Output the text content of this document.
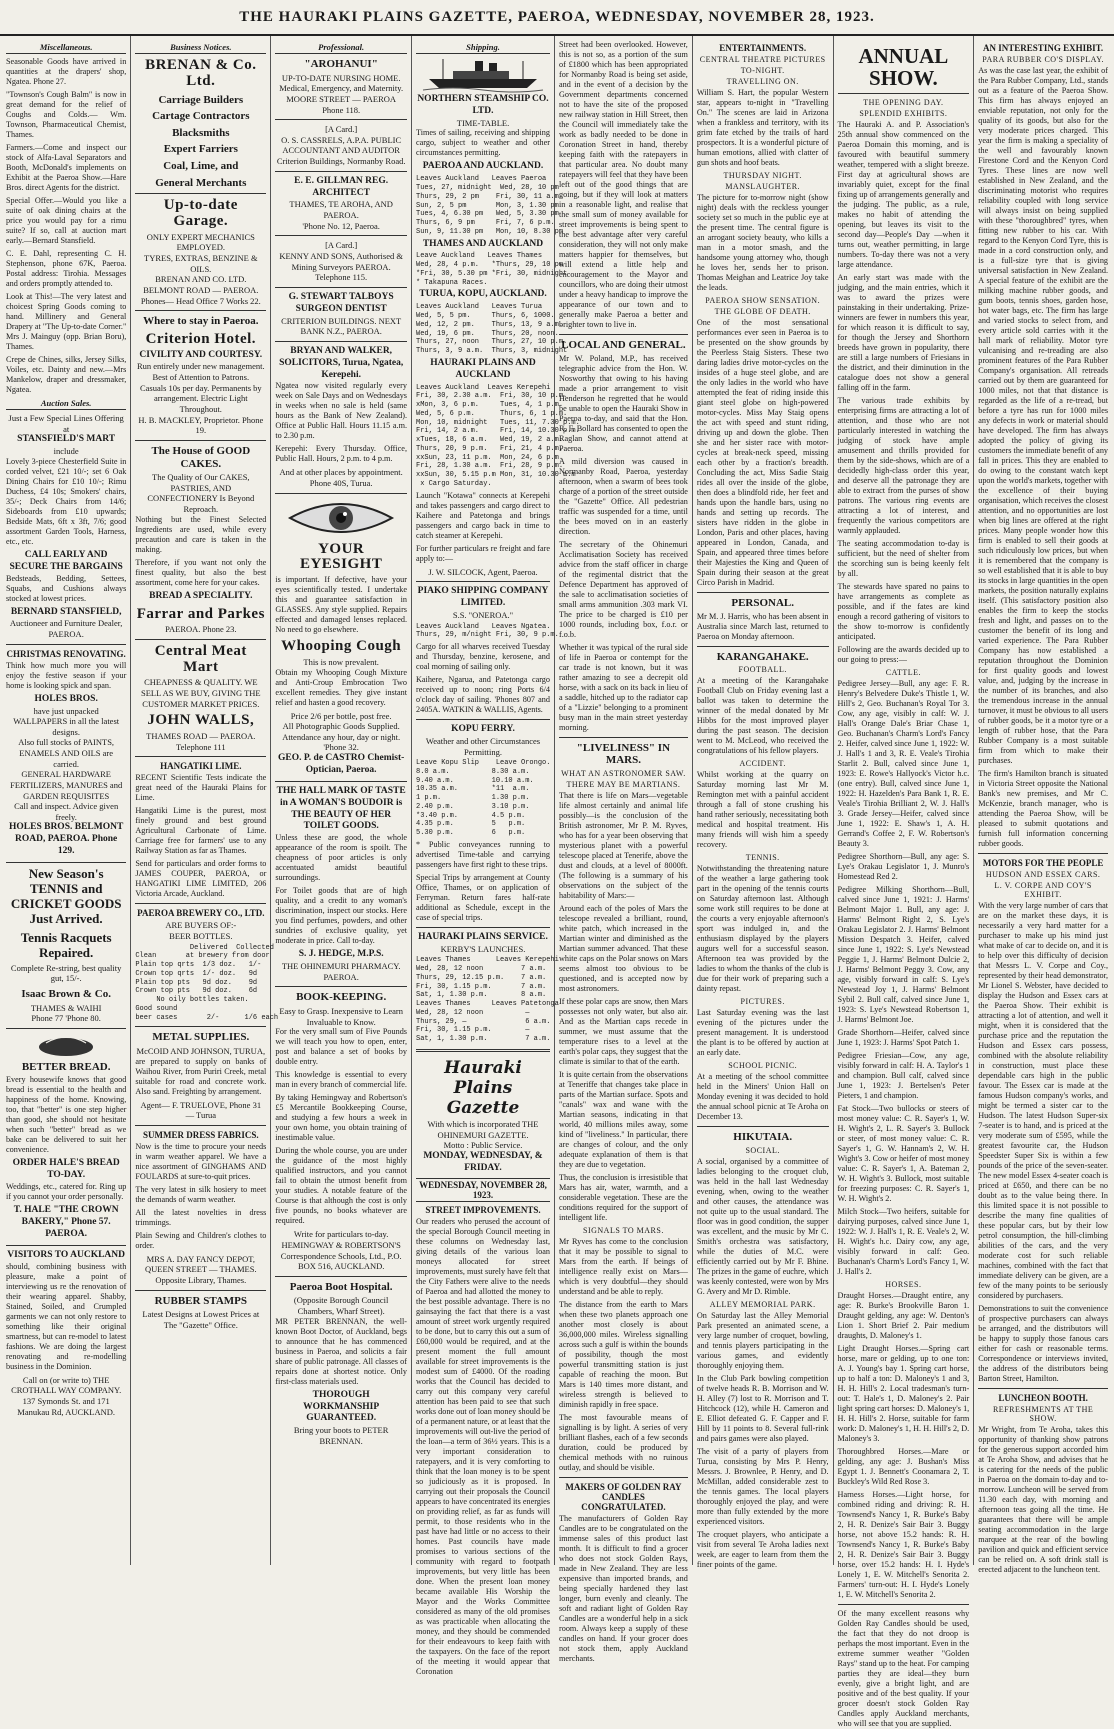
THE HAURAKI PLAINS GAZETTE, PAEROA, WEDNESDAY, NOVEMBER 28, 1923.
Miscellaneous.

Seasonable Goods have arrived in quantities at the drapers' shop, Ngatea. Phone 27.

"Townson's Cough Balm" is now in great demand for the relief of Coughs and Colds.— Wm. Townson, Pharmaceutical Chemist, Thames.

Farmers.—Come and inspect our stock of Alfa-Laval Separators and Booth, McDonald's implements on Exhibit at the Paeroa Show.—Hare Bros. direct Agents for the district.

Special Offer.—Would you like a suite of oak dining chairs at the price you would pay for a rimu suite? If so, call at auction mart early.—Bernard Stansfield.

C. E. Dahl, representing C. H. Stephenson, phone 67K, Paeroa. Postal address: Tirohia. Messages and orders promptly attended to.

Look at This!—The very latest and choicest Spring Goods coming to hand. Millinery and General Drapery at "The Up-to-date Corner." Mrs J. Mainguy (opp. Brian Boru), Thames.

Crepe de Chines, silks, Jersey Silks, Voiles, etc. Dainty and new.—Mrs Mankelow, draper and dressmaker, Ngatea.

Auction Sales.
Just a Few Special Lines Offering at
STANSFIELD'S MART
include

Lovely 3-piece Chesterfield Suite in corded velvet, £21 10/-; set 6 Oak Dining Chairs for £10 10/-; Rimu Duchess, £4 10s; Smokers' chairs, 35/-; Deck Chairs from 14/6; Sideboards from £10 upwards; Bedside Mats, 6ft x 3ft, 7/6; good assortment Garden Tools, Harness, etc., etc.

CALL EARLY AND SECURE THE BARGAINS

Bedsteads, Bedding, Settees, Squabs, and Cushions always stocked at lowest prices.

BERNARD STANSFIELD,
Auctioneer and Furniture Dealer, PAEROA.
CHRISTMAS RENOVATING.

Think how much more you will enjoy the festive season if your home is looking spick and span.

HOLES BROS.
have just unpacked WALLPAPERS in all the latest designs.
Also full stocks of PAINTS, ENAMELS AND OILS are carried.
GENERAL HARDWARE FERTILIZERS, MANURES and GARDEN REQUISITES
Call and inspect. Advice given freely.
HOLES BROS. BELMONT ROAD, PAEROA. Phone 129.
New Season's TENNIS and CRICKET GOODS Just Arrived.
Tennis Racquets Repaired.
Complete Re-string, best quality gut, 15/-.
Isaac Brown & Co.
THAMES & WAIHI
Phone 77 'Phone 80.
BETTER BREAD.

Every housewife knows that good bread is essential to the health and happiness of the home. Knowing, too, that "better" is one step higher than good, she should not hesitate when such "better" bread as we bake can be delivered to suit her convenience.

ORDER HALE'S BREAD TO-DAY.

Weddings, etc., catered for. Ring up if you cannot your order personally.

T. HALE "THE CROWN BAKERY," Phone 57. PAEROA.
VISITORS TO AUCKLAND

should, combining business with pleasure, make a point of interviewing us re the renovation of their wearing apparel. Shabby, Stained, Soiled, and Crumpled garments we can not only restore to something like their original smartness, but can re-model to latest fashions. We are doing the largest renovating and re-modelling business in the Dominion.

Call on (or write to) THE CROTHALL WAY COMPANY. 137 Symonds St. and 171 Manukau Rd, AUCKLAND.
Business Notices.
BRENAN & Co. Ltd.
Carriage Builders
Cartage Contractors
Blacksmiths
Expert Farriers
Coal, Lime, and
General Merchants
Up-to-date Garage.
ONLY EXPERT MECHANICS EMPLOYED.
TYRES, EXTRAS, BENZINE & OILS.
BRENAN AND CO. LTD. BELMONT ROAD — PAEROA.
Phones— Head Office 7 Works 22.
Where to stay in Paeroa.
Criterion Hotel.
CIVILITY AND COURTESY.
Run entirely under new management.
Best of Attention to Patrons.
Casuals 10s per day. Permanents by arrangement. Electric Light Throughout.
H. B. MACKLEY, Proprietor. Phone 19.
The House of GOOD CAKES.
The Quality of Our CAKES, PASTRIES, AND CONFECTIONERY Is Beyond Reproach.

Nothing but the Finest Selected Ingredients are used, while every precaution and care is taken in the making.

Therefore, if you want not only the finest quality, but also the best assortment, come here for your cakes.

BREAD A SPECIALITY.
Farrar and Parkes
PAEROA. Phone 23.
Central Meat Mart
CHEAPNESS & QUALITY. WE SELL AS WE BUY, GIVING THE CUSTOMER MARKET PRICES.
JOHN WALLS,
THAMES ROAD — PAEROA. Telephone 111
HANGATIKI LIME.

RECENT Scientific Tests indicate the great need of the Hauraki Plains for Lime.

Hangatiki Lime is the purest, most finely ground and best ground Agricultural Carbonate of Lime. Carriage free for farmers' use to any Railway Station as far as Thames.

Send for particulars and order forms to JAMES COUPER, PAEROA, or HANGATIKI LIME LIMITED, 206 Victoria Arcade, Auckland.

PAEROA BREWERY CO., LTD.
ARE BUYERS OF:-
BEER BOTTLES.
Delivered  Collected
Clean       at brewery from door
Plain top qrts  1/3 doz.   1/-
Crown top qrts  1/- doz.   9d
Plain top pts   9d doz.    9d
Crown top pts   9d doz.    6d
No oily bottles taken.
Good sound
beer cases       2/-      1/6 each
METAL SUPPLIES.
McCOID AND JOHNSON, TURUA,

are prepared to supply on banks of Waihou River, from Puriri Creek, metal suitable for road and concrete work. Also sand. Freighting by arrangement.

Agent— F. TRUELOVE, Phone 31 — Turua
SUMMER DRESS FABRICS.

Now is the time to procure your needs in warm weather apparel. We have a nice assortment of GINGHAMS AND FOULARDS at sure-to-quit prices.

The very latest in silk hosiery to meet the demands of warm weather.

All the latest novelties in dress trimmings.

Plain Sewing and Children's clothes to order.

MRS A. DAY FANCY DEPOT, QUEEN STREET — THAMES. Opposite Library, Thames.
RUBBER STAMPS
Latest Designs at Lowest Prices at The "Gazette" Office.
Professional.
"AROHANUI"
UP-TO-DATE NURSING HOME.
Medical, Emergency, and Maternity.
MOORE STREET — PAEROA Phone 118.
[A Card.]
O. S. CASSRELS, A.P.A. PUBLIC ACCOUNTANT AND AUDITOR
Criterion Buildings, Normanby Road.
E. E. GILLMAN REG. ARCHITECT
THAMES, TE AROHA, AND PAEROA.
'Phone No. 12, Paeroa.
[A Card.]
KENNY AND SONS, Authorised & Mining Surveyors PAEROA. Telephone 115.
G. STEWART TALBOYS SURGEON DENTIST
CRITERION BUILDINGS. NEXT BANK N.Z., PAEROA.
BRYAN AND WALKER, SOLICITORS, Turua, Ngatea, Kerepehi.

Ngatea now visited regularly every week on Sale Days and on Wednesdays in weeks when no sale is held (same hours as the Bank of New Zealand). Office at Public Hall. Hours 11.15 a.m. to 2.30 p.m.

Kerepehi: Every Thursday. Office, Public Hall. Hours, 2 p.m. to 4 p.m.

And at other places by appointment. Phone 40S, Turua.
YOUR EYESIGHT

is important. If defective, have your eyes scientifically tested. I undertake this and guarantee satisfaction in GLASSES. Any style supplied. Repairs effected and damaged lenses replaced. No need to go elsewhere.

Whooping Cough
This is now prevalent.

Obtain my Whooping Cough Mixture and Anti-Croup Embrocation Two excellent remedies. They give instant relief and hasten a good recovery.

Price 2/6 per bottle, post free.
All Photographic Goods Supplied. Attendance any hour, day or night. 'Phone 32.
GEO. P. de CASTRO Chemist-Optician, Paeroa.
THE HALL MARK OF TASTE in A WOMAN'S BOUDOIR is THE BEAUTY OF HER TOILET GOODS.

Unless these are good, the whole appearance of the room is spoilt. The cheapness of poor articles is only accentuated amidst beautiful surroundings.

For Toilet goods that are of high quality, and a credit to any woman's discrimination, inspect our stocks. Here you find perfumes, powders, and other sundries of exclusive quality, yet moderate in price. Call to-day.

S. J. HEDGE, M.P.S.
THE OHINEMURI PHARMACY. PAEROA.
BOOK-KEEPING.
Easy to Grasp. Inexpensive to Learn Invaluable to Know.

For the very small sum of Five Pounds we will teach you how to open, enter, post and balance a set of books by double entry.

This knowledge is essential to every man in every branch of commercial life.

By taking Hemingway and Robertson's £5 Mercantile Bookkeeping Course, and studying a few hours a week in your own home, you obtain training of inestimable value.

During the whole course, you are under the guidance of the most highly qualified instructors, and you cannot fail to obtain the utmost benefit from your studies. A notable feature of the Course is that although the cost is only five pounds, no books whatever are required.

Write for particulars to-day.
HEMINGWAY & ROBERTSON'S Correspondence Schools, Ltd., P.O. BOX 516, AUCKLAND.
Paeroa Boot Hospital.
(Opposite Borough Council Chambers, Wharf Street).

MR PETER BRENNAN, the well-known Boot Doctor, of Auckland, begs to announce that he has commenced business in Paeroa, and solicits a fair share of public patronage. All classes of repairs done at shortest notice. Only first-class materials used.

THOROUGH WORKMANSHIP GUARANTEED.
Bring your boots to PETER BRENNAN.
Shipping.
NORTHERN STEAMSHIP CO. LTD.
TIME-TABLE.

Times of sailing, receiving and shipping cargo, subject to weather and other circumstances permitting.

PAEROA AND AUCKLAND.
Leaves Auckland   Leaves Paeroa
Tues, 27, midnight  Wed, 28, 10 pm
Thurs, 29, 2 pm    Fri, 30, 11 a.m.
Sun, 2, 5 pm       Mon, 3, 1.30 pm
Tues, 4, 6.30 pm   Wed, 5, 3.30 pm
Thurs, 6, 9 pm     Fri, 7, 6 p.m.
Sun, 9, 11.30 pm   Mon, 10, 8.30 pm
THAMES AND AUCKLAND
Leave Auckland   Leaves Thames
Wed, 28, 4 p.m.   *Thurs, 29, 10 pm
*Fri, 30, 5.30 pm *Fri, 30, midnight
* Takapuna Races.
TURUA, KOPU, AUCKLAND.
Leaves Auckland   Leaves Turua
Wed, 5, 5 pm.     Thurs, 6, 1000.
Wed, 12, 2 pm.    Thurs, 13, 9 a.m.
Wed, 19, 6 pm.    Thurs, 20, noon.
Thurs, 27, noon   Thurs, 27, 10 p.m.
Thurs, 3, 9 a.m.  Thurs, 3, midnight
HAURAKI PLAINS AND AUCKLAND
Leaves Auckland  Leaves Kerepehi
Fri, 30, 2.30 a.m.  Fri, 30, 10 p.m.
xMon, 3, 6 p.m.     Tues, 4, 1 p.m.
Wed, 5, 6 p.m.      Thurs, 6, 1 p.m.
Mon, 10, midnight   Tues, 11, 7.30 p.m.
Fri, 14, 2 a.m.     Fri, 14, 10.30 p.m.
xTues, 18, 6 a.m.   Wed, 19, 2 a.m.
Thurs, 20, 9 p.m.   Fri, 21, 4 p.m.
xxSun, 23, 11 p.m.  Mon, 24, 6 p.m.
Fri, 28, 1.30 a.m.  Fri, 28, 9 p.m.
xxSun, 30, 5.15 p.m Mon, 31, 10.30 a.m
x Cargo Saturday.

Launch "Kotawa" connects at Kerepehi and takes passengers and cargo direct to Kaihere and Patetonga and brings passengers and cargo back in time to catch steamer at Kerepehi.

For further particulars re freight and fare apply to:—

J. W. SILCOCK, Agent, Paeroa.
PIAKO SHIPPING COMPANY LIMITED.
S.S. "ONEROA."
Leaves Auckland   Leaves Ngatea.
Thurs, 29, m/night Fri, 30, 9 p.m.

Cargo for all wharves received Tuesday and Thursday, benzine, kerosene, and coal morning of sailing only.

Kaihere, Ngarua, and Patetonga cargo received up to noon; ring Ports 6/4 o'clock day of sailing. 'Phones 807 and 2405A. WATKIN & WALLIS, Agents.

KOPU FERRY.
Weather and other Circumstances Permitting.
Leave Kopu Slip    Leave Orongo.
8.0 a.m.          8.30 a.m.
9.40 a.m.         10.10 a.m.
10.35 a.m.        *11  a.m.
1 p.m.            1.30 p.m.
2.40 p.m.         3.10 p.m.
*3.40 p.m.        4.5 p.m.
4.35 p.m.         5   p.m.
5.30 p.m.         6   p.m.

* Public conveyances running to advertised Time-table and carrying passengers have first right to these trips.

Special Trips by arrangement at County Office, Thames, or on application of Ferryman. Return fares half-rate additional as Schedule, except in the case of special trips.

HAURAKI PLAINS SERVICE.
KERBY'S LAUNCHES.
Leaves Thames      Leaves Kerepehi
Wed, 28, 12 noon         7 a.m.
Thurs, 29, 12.15 p.m.    7 a.m.
Fri, 30, 1.15 p.m.       7 a.m.
Sat, 1, 1.30 p.m.        8 a.m.
Leaves Thames     Leaves Patetonga
Wed, 28, 12 noon          —
Thurs, 29, —              6 a.m.
Fri, 30, 1.15 p.m.        —
Sat, 1, 1.30 p.m.         7 a.m.
Hauraki Plains Gazette
With which is incorporated THE OHINEMURI GAZETTE.
Motto : Public Service.
MONDAY, WEDNESDAY, & FRIDAY.
WEDNESDAY, NOVEMBER 28, 1923.
STREET IMPROVEMENTS.

Our readers who perused the account of the special Borough Council meeting in these columns on Wednesday last, giving details of the various loan moneys allocated for street improvements, must surely have felt that the City Fathers were alive to the needs of Paeroa and had allotted the money to the best possible advantage. There is no gainsaying the fact that there is a vast amount of street work urgently required to be done, but to carry this out a sum of £60,000 would be required, and at the present moment the full amount available for street improvements is the modest sum of £4000. Of the roading works that the Council has decided to carry out this company very careful attention has been paid to see that such works done out of loan money should be of a permanent nature, or at least that the improvements will out-live the period of the loan—a term of 36½ years. This is a very important consideration to ratepayers, and it is very comforting to think that the loan money is to be spent so judiciously as it is proposed. In carrying out their proposals the Council appears to have concentrated its energies on providing relief, as far as funds will permit, to those residents who in the past have had little or no access to their homes. Past councils have made promises to various sections of the community with regard to footpath improvements, but very little has been done. When the present loan money became available His Worship the Mayor and the Works Committee considered as many of the old promises as was practicable when allocating the money, and they should be commended for their endeavours to keep faith with the taxpayers. On the face of the report of the meeting it would appear that Coronation

Street had been overlooked. However, this is not so, as a portion of the sum of £1800 which has been appropriated for Normanby Road is being set aside, and in the event of a decision by the Government departments concerned not to have the site of the proposed new railway station in Hill Street, then the Council will immediately take the work as badly needed to be done in Coronation Street in hand, thereby keeping faith with the ratepayers in that particular area. No doubt many ratepayers will feel that they have been left out of the good things that are going, but if they will look at matters in a reasonable light, and realise that the small sum of money available for street improvements is being spent to the best advantage after very careful consideration, they will not only make matters happier for themselves, but will extend a little help and encouragement to the Mayor and councillors, who are doing their utmost under a heavy handicap to improve the appearance of our town and to generally make Paeroa a better and brighter town to live in.

LOCAL AND GENERAL.

Mr W. Poland, M.P., has received telegraphic advice from the Hon. W. Nosworthy that owing to his having made a prior arrangement to visit Henderson he regretted that he would be unable to open the Hauraki Show in Paeroa to-day, and said that the Hon. R. F. Bollard has consented to open the Raglan Show, and cannot attend at Paeroa.

A mild diversion was caused in Normanby Road, Paeroa, yesterday afternoon, when a swarm of bees took charge of a portion of the street outside the "Gazette" Office. All pedestrian traffic was suspended for a time, until the bees moved on in an easterly direction.

The secretary of the Ohinemuri Acclimatisation Society has received advice from the staff officer in charge of the regimental district that the Defence Department has approved of the sale to acclimatisation societies of small arms ammunition .303 mark VI. The price to be charged is £10 per 1000 rounds, including box, f.o.r. or f.o.b.

Whether it was typical of the rural side of life in Paeroa or contempt for the car trade is not known, but it was rather amazing to see a decrepit old horse, with a sack on its back in lieu of a saddle, hitched up to the radiator cap of a "Lizzie" belonging to a prominent busy man in the main street yesterday morning.

"LIVELINESS" IN MARS.
WHAT AN ASTRONOMER SAW.
THERE MAY BE MARTIANS.

That there is life on Mars—vegetable life almost certainly and animal life possibly—is the conclusion of the British astronomer, Mr P. M. Ryves, who has for a year been observing that mysterious planet with a powerful telescope placed at Tenerife, above the dust and clouds, at a level of 8000ft. (The following is a summary of his observations on the subject of the habitability of Mars:—

Around each of the poles of Mars the telescope revealed a brilliant, round, white patch, which increased in the Martian winter and diminished as the Martian summer advanced. That these white caps on the Polar snows on Mars seems almost too obvious to be questioned, and is accepted now by most astronomers.

If these polar caps are snow, then Mars possesses not only water, but also air. And as the Martian caps recede in summer, we must assume that the temperature rises to a level at the earth's polar caps, they suggest that the climate is similar to that of the earth.

It is quite certain from the observations at Teneriffe that changes take place in parts of the Martian surface. Spots and "canals" wax and wane with the Martian seasons, indicating in that world, 40 millions miles away, some kind of "liveliness." In particular, there are changes of colour, and the only adequate explanation of them is that they are due to vegetation.

Thus, the conclusion is irresistible that Mars has air, water, warmth, and a considerable vegetation. These are the conditions required for the support of intelligent life.

SIGNALS TO MARS.

Mr Ryves has come to the conclusion that it may be possible to signal to Mars from the earth. If beings of intelligence really exist on Mars—which is very doubtful—they should understand and be able to reply.

The distance from the earth to Mars when these two planets approach one another most closely is about 36,000,000 miles. Wireless signalling across such a gulf is within the bounds of possibility, though the most powerful transmitting station is just capable of reaching the moon. But Mars is 140 times more distant, and wireless strength is believed to diminish rapidly in free space.

The most favourable means of signalling is by light. A series of very brilliant flashes, each of a few seconds duration, could be produced by chemical methods with no ruinous outlay, and should be visible.

MAKERS OF GOLDEN RAY CANDLES CONGRATULATED.

The manufacturers of Golden Ray Candles are to be congratulated on the immense sales of this product last month. It is difficult to find a grocer who does not stock Golden Rays, made in New Zealand. They are less expensive than imported brands, and being specially hardened they last longer, burn evenly and cleanly. The soft and radiant light of Golden Ray Candles are a wonderful help in a sick room. Always keep a supply of these candles on hand. If your grocer does not stock them, apply Auckland merchants.

ENTERTAINMENTS.
CENTRAL THEATRE PICTURES
TO-NIGHT.
TRAVELLING ON.

William S. Hart, the popular Western star, appears to-night in "Travelling On." The scenes are laid in Arizona when a frankless and territory, with its grim fate etched by the trails of hard prospectors. It is a wonderful picture of human emotions, allied with clatter of gun shots and hoof beats.

THURSDAY NIGHT.
MANSLAUGHTER.

The picture for to-morrow night (show night) deals with the reckless younger society set so much in the public eye at the present time. The central figure is an arrogant society beauty, who kills a man in a motor smash, and the handsome young attorney who, though he loves her, sends her to prison. Thomas Meighan and Leatrice Joy take the leads.

PAEROA SHOW SENSATION.
THE GLOBE OF DEATH.

One of the most sensational performances ever seen in Paeroa is to be presented on the show grounds by the Peerless Staig Sisters. These two daring ladies drive motor-cycles on the insides of a huge steel globe, and are the only ladies in the world who have attempted the feat of riding inside this giant steel globe on high-powered motor-cycles. Miss May Staig opens the act with speed and stunt riding, driving up and down the globe. Then she and her sister race with motor-cycles at break-neck speed, missing each other by a fraction's breadth. Concluding the act, Miss Sadie Staig rides all over the inside of the globe, then does a blindfold ride, her feet and hands upon the handle bars, using no hands and setting up records. The sisters have ridden in the globe in London, Paris and other places, having appeared in London, Canada, and Spain, and appeared three times before their Majesties the King and Queen of Spain during their season at the great Circo Parish in Madrid.

PERSONAL.

Mr M. J. Harris, who has been absent in Australia since March last, returned to Paeroa on Monday afternoon.

KARANGAHAKE.
FOOTBALL.

At a meeting of the Karangahake Football Club on Friday evening last a ballot was taken to determine the winner of the medal donated by Mr Hibbs for the most improved player during the past season. The decision went to M. McLeod, who received the congratulations of his fellow players.

ACCIDENT.

Whilst working at the quarry on Saturday morning last Mr M. Remington met with a painful accident through a fall of stone crushing his hand rather seriously, necessitating both medical and hospital treatment. His many friends will wish him a speedy recovery.

TENNIS.

Notwithstanding the threatening nature of the weather a large gathering took part in the opening of the tennis courts on Saturday afternoon last. Although some work still requires to be done at the courts a very enjoyable afternoon's sport was indulged in, and the enthusiasm displayed by the players augurs well for a successful season. Afternoon tea was provided by the ladies to whom the thanks of the club is due for their work of preparing such a dainty repast.

PICTURES.

Last Saturday evening was the last evening of the pictures under the present management. It is understood the plant is to be offered by auction at an early date.

SCHOOL PICNIC.

At a meeting of the school committee held in the Miners' Union Hall on Monday evening it was decided to hold the annual school picnic at Te Aroha on December 13.

HIKUTAIA.
SOCIAL.

A social, organised by a committee of ladies belonging to the croquet club, was held in the hall last Wednesday evening, when, owing to the weather and other causes, the attendance was not quite up to the usual standard. The floor was in good condition, the supper was excellent, and the music by Mr C. Smith's orchestra was satisfactory, while the duties of M.C. were efficiently carried out by Mr F. Bhine. The prizes in the game of euchre, which was keenly contested, were won by Mrs G. Avery and Mr D. Rimble.

ALLEY MEMORIAL PARK.

On Saturday last the Alley Memorial Park presented an animated scene, a very large number of croquet, bowling, and tennis players participating in the various games, and evidently thoroughly enjoying them.

In the Club Park bowling competition of twelve heads R. B. Morrison and W. H. Alley (7) lost to R. Morrison and T. Hitchcock (12), while H. Cameron and E. Elliot defeated G. F. Capper and F. Hill by 11 points to 8. Several full-rink and pairs games were also played.

The visit of a party of players from Turua, consisting by Mrs P. Henry, Messrs. J. Brownlee, P. Henry, and D. McMillan, added considerable zest to the tennis games. The local players thoroughly enjoyed the play, and were more than fully extended by the more experienced visitors.

The croquet players, who anticipate a visit from several Te Aroha ladies next week, are eager to learn from them the finer points of the game.

ANNUAL SHOW.
THE OPENING DAY.
SPLENDID EXHIBITS.

The Hauraki A. and P. Association's 25th annual show commenced on the Paeroa Domain this morning, and is favoured with beautiful summery weather, tempered with a slight breeze. First day at agricultural shows are invariably quiet, except for the final fixing up of arrangements generally and the judging. The public, as a rule, makes no habit of attending the opening, but leaves its visit to the second day—People's Day —when it turns out, weather permitting, in large numbers. To-day there was not a very large attendance.

An early start was made with the judging, and the main entries, which it was to award the prizes were painstaking in their undertaking. Prize-winners are fewer in numbers this year, for which reason it is difficult to say, for though the Jersey and Shorthorn breeds have grown in popularity, there are still a large numbers of Friesians in the district, and their diminution in the catalogue does not show a general falling off in the farm.

The various trade exhibits by enterprising firms are attracting a lot of attention, and those who are not particularly interested in watching the judging of stock have ample amusement and thrills provided for them by the side-shows, which are of a decidedly high-class order this year, and deserve all the patronage they are able to extract from the purses of show patrons. The various ring events are attracting a lot of interest, and frequently the various competitors are warmly applauded.

The seating accommodation to-day is sufficient, but the need of shelter from the scorching sun is being keenly felt by all.

The stewards have spared no pains to have arrangements as complete as possible, and if the fates are kind enough a record gathering of visitors to the show to-morrow is confidently anticipated.

Following are the awards decided up to our going to press:—

CATTLE.

Pedigree Jersey—Bull, any age: F. R. Henry's Belvedere Duke's Thistle 1, W. Hill's 2, Geo. Buchanan's Royal Tor 3. Cow, any age, visibly in calf: W. J. Hall's Orange Dale's Briar Chase 1, Geo. Buchanan's Charm's Lord's Fancy 2. Heifer, calved since June 1, 1922: W. J. Hall's 1 and 3, R. E. Veale's Tirohia Starlit 2. Bull, calved since June 1, 1923: E. Rowe's Hallyock's Victor h.c. (one entry). Bull, calved since June 1, 1922: H. Hazelden's Para Bank 1, R. E. Veale's Tirohia Brilliant 2, W. J. Hall's 3. Grade Jersey—Heifer, calved since June 1, 1922: E. Shaw's 1, A. H. Gerrand's Coffee 2, F. W. Robertson's Beauty 3.

Pedigree Shorthorn—Bull, any age: S. Lye's Orakau Legislator 1, J. Munro's Homestead Red 2.

Pedigree Milking Shorthorn—Bull, calved since June 1, 1921: J. Harms' Belmont Major 1. Bull, any age: J. Harms' Belmont Right 2, S. Lye's Orakau Legislator 2. J. Harms' Belmont Mission Despatch 3. Heifer, calved since June 1, 1922: S. Lye's Newstead Peggie 1, J. Harms' Belmont Dulcie 2, J. Harms' Belmont Peggy 3. Cow, any age, visibly forward in calf: S. Lye's Newstead Joy 1, J. Harms' Belmont Sybil 2. Bull calf, calved since June 1, 1923: S. Lye's Newstead Robertson 1, J. Harms' Belmont Joe.

Grade Shorthorn—Heifer, calved since June 1, 1923: J. Harms' Spot Patch 1.

Pedigree Friesian—Cow, any age, visibly forward in calf: H. A. Taylor's 1 and champion. Bull calf, calved since June 1, 1923: J. Bertelsen's Peter Pieters, 1 and champion.

Fat Stock—Two bullocks or steers of most money value: C. R. Sayer's 1, W. H. Wight's 2, L. R. Sayer's 3. Bullock or steer, of most money value: C. R. Sayer's 1, G. W. Hannam's 2, W. H. Wight's 3. Cow or heifer of most money value: C. R. Sayer's 1, A. Bateman 2, W. H. Wight's 3. Bullock, most suitable for freezing purposes: C. R. Sayer's 1, W. H. Wight's 2.

Milch Stock—Two heifers, suitable for dairying purposes, calved since June 1, 1922: W. J. Hall's 1, R. E. Veale's 2, W. H. Wight's h.c. Dairy cow, any age, visibly forward in calf: Geo. Buchanan's Charm's Lord's Fancy 1, W. J. Hall's 2.

HORSES.

Draught Horses.—Draught entire, any age: R. Burke's Brookville Baron 1. Draught gelding, any age: W. Denton's Lion 1. Short Brief 2. Pair medium draughts, D. Maloney's 1.

Light Draught Horses.—Spring cart horse, mare or gelding, up to one ton: A. J. Young's bay 1. Spring cart horse, up to half a ton: D. Maloney's 1 and 3, H. H. Hill's 2. Local tradesman's turn-out: T. Hale's 1, D. Maloney's 2. Pair light spring cart horses: D. Maloney's 1, H. H. Hill's 2. Horse, suitable for farm work: D. Maloney's 1, H. H. Hill's 2, D. Maloney's 3.

Thoroughbred Horses.—Mare or gelding, any age: J. Bushan's Miss Egypt 1. J. Bennett's Coonamara 2, T. Buckley's Wild Red Rose 3.

Harness Horses.—Light horse, for combined riding and driving: R. H. Townsend's Nancy 1, R. Burke's Baby 2, H. R. Denize's Sair Bair 3. Buggy horse, not above 15.2 hands: R. H. Townsend's Nancy 1, R. Burke's Baby 2, H. R. Denize's Sair Bair 3. Buggy horse, over 15.2 hands: H. I. Hyde's Lonely 1, E. W. Mitchell's Senorita 2. Farmers' turn-out: H. I. Hyde's Lonely 1, E. W. Mitchell's Senorita 2.

Of the many excellent reasons why Golden Ray Candles should be used, the fact that they do not droop is perhaps the most important. Even in the extreme summer weather "Golden Rays" stand up to the heat. For camping parties they are ideal—they burn evenly, give a bright light, and are positive and of the best quality. If your grocer doesn't stock Golden Ray Candles apply Auckland merchants, who will see that you are supplied.

AN INTERESTING EXHIBIT.
PARA RUBBER CO'S DISPLAY.

As was the case last year, the exhibit of the Para Rubber Company, Ltd., stands out as a feature of the Paeroa Show. This firm has always enjoyed an enviable reputation, not only for the quality of its goods, but also for the very moderate prices charged. This year the firm is making a speciality of the well and favourably known Firestone Cord and the Kenyon Cord Tyres. These lines are now well established in New Zealand, and the discriminating motorist who requires reliability coupled with long service will always insist on being supplied with these "thoroughbred" tyres, when fitting new rubber to his car. With regard to the Kenyon Cord Tyre, this is made in a cord construction only, and is a full-size tyre that is giving universal satisfaction in New Zealand. A special feature of the exhibit are the milking machine rubber goods, and gum boots, tennis shoes, garden hose, hot water bags, etc. The firm has large and varied stocks to select from, and every article sold carries with it the hall mark of reliability. Motor tyre vulcanising and re-treading are also prominent features of the Para Rubber Company's organisation. All retreads carried out by them are guaranteed for 1000 miles, not that that distance is regarded as the life of a re-tread, but before a tyre has run for 1000 miles any defects in work or material should have developed. The firm has always adopted the policy of giving its customers the immediate benefit of any fall in prices. This they are enabled to do owing to the constant watch kept upon the world's markets, together with the excellence of their buying organisation, which receives the closest attention, and no opportunities are lost when big lines are offered at the right prices. Many people wonder how this firm is enabled to sell their goods at such ridiculously low prices, but when it is remembered that the company is so well established that it is able to buy its stocks in large quantities in the open markets, the position naturally explains itself. (This satisfactory position also enables the firm to keep the stocks fresh and light, and passes on to the customer the benefit of its long and varied experience. The Para Rubber Company has now established a reputation throughout the Dominion for first quality goods and lowest value, and, judging by the increase in the number of its branches, and also the tremendous increase in the annual turnover, it must be obvious to all users of rubber goods, be it a motor tyre or a length of rubber hose, that the Para Rubber Company is a most suitable firm from which to make their purchases.

The firm's Hamilton branch is situated in Victoria Street opposite the National Bank's new premises, and Mr C. McKenzie, branch manager, who is attending the Paeroa Show, will be pleased to submit quotations and furnish full information concerning rubber goods.

MOTORS FOR THE PEOPLE
HUDSON AND ESSEX CARS.
L. V. CORPE AND COY'S EXHIBIT.

With the very large number of cars that are on the market these days, it is necessarily a very hard matter for a purchaser to make up his mind just what make of car to decide on, and it is to help over this difficulty of decision that Messrs L. V. Corpe and Coy., represented by their head demonstrator, Mr Lionel S. Webster, have decided to display the Hudson and Essex cars at the Paeroa Show. Their exhibit is attracting a lot of attention, and well it might, when it is considered that the purchase price and the reputation the Hudson and Essex cars possess, combined with the absolute reliability in construction, must place these dependable cars high in the public favour. The Essex car is made at the famous Hudson company's works, and might be termed a sister car to the Hudson. The latest Hudson Super-six 7-seater is to hand, and is priced at the very moderate sum of £595, while the greatest favourite car, the Hudson Speedster Super Six is within a few pounds of the price of the seven-seater. The new model Essex 4-seater coach is priced at £650, and there can be no doubt as to the value being there. In this limited space it is not possible to describe the many fine qualities of these popular cars, but by their low petrol consumption, the hill-climbing abilities of the cars, and the very moderate cost for such reliable machines, combined with the fact that immediate delivery can be given, are a few of the many points to be seriously considered by purchasers.

Demonstrations to suit the convenience of prospective purchasers can always be arranged, and the distributors will be happy to supply those fanous cars either for cash or reasonable terms. Correspondence or interviews invited, the address of the distributors being Barton Street, Hamilton.

LUNCHEON BOOTH.
REFRESHMENTS AT THE SHOW.

Mr Wright, from Te Aroha, takes this opportunity of thanking show patrons for the generous support accorded him at Te Aroha Show, and advises that he is catering for the needs of the public in Paeroa on the domain to-day and to-morrow. Luncheon will be served from 11.30 each day, with morning and afternoon teas going all the time. He guarantees that there will be ample seating accommodation in the large marquee at the rear of the bowling pavilion and quick and efficient service can be relied on. A soft drink stall is erected adjacent to the luncheon tent.
